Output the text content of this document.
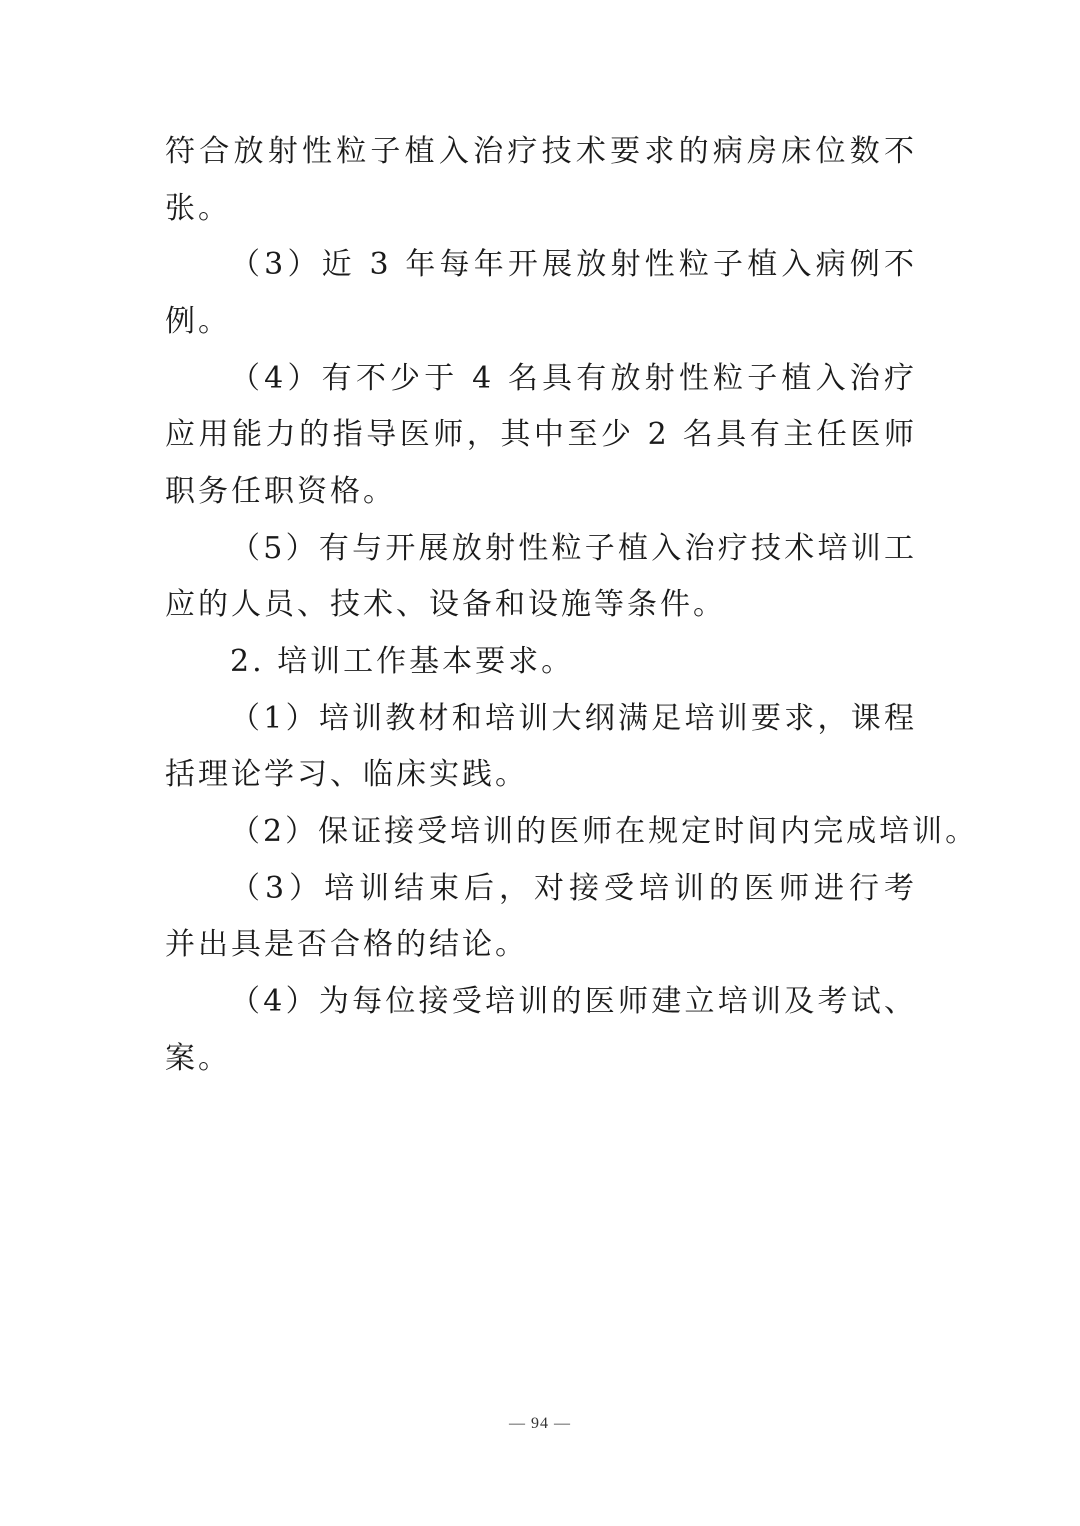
符合放射性粒子植入治疗技术要求的病房床位数不
张。
（3）近 3 年每年开展放射性粒子植入病例不
例。
（4）有不少于 4 名具有放射性粒子植入治疗
应用能力的指导医师，其中至少 2 名具有主任医师
职务任职资格。
（5）有与开展放射性粒子植入治疗技术培训工
应的人员、技术、设备和设施等条件。
2. 培训工作基本要求。
（1）培训教材和培训大纲满足培训要求，课程
括理论学习、临床实践。
（2）保证接受培训的医师在规定时间内完成培训。
（3）培训结束后，对接受培训的医师进行考
并出具是否合格的结论。
（4）为每位接受培训的医师建立培训及考试、
案。
— 94 —
